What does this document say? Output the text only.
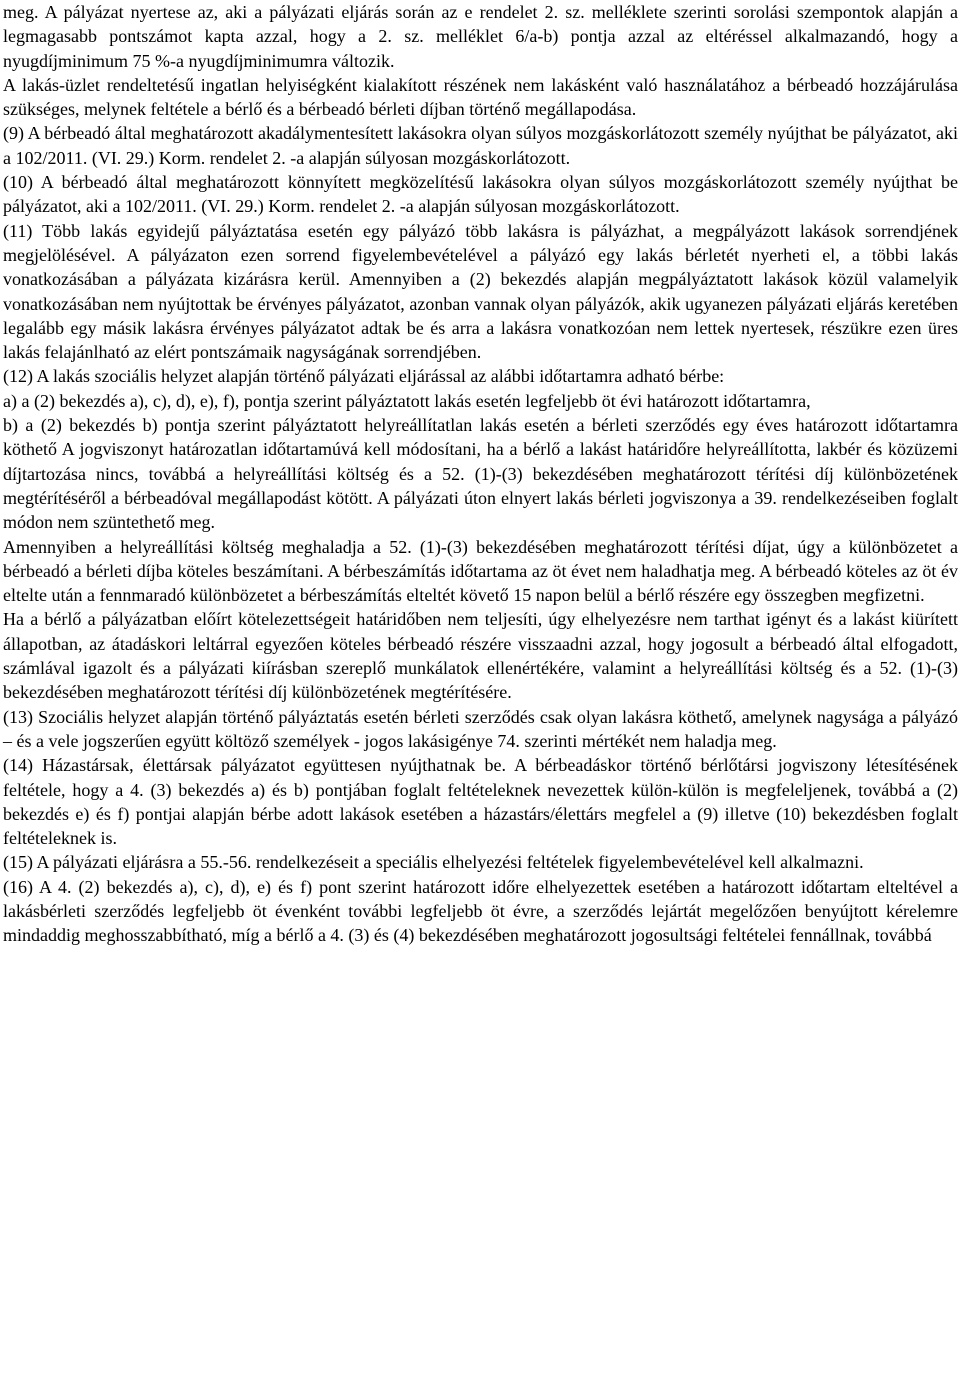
meg. A pályázat nyertese az, aki a pályázati eljárás során az e rendelet 2. sz. melléklete szerinti sorolási szempontok alapján a legmagasabb pontszámot kapta azzal, hogy a 2. sz. melléklet 6/a-b) pontja azzal az eltéréssel alkalmazandó, hogy a nyugdíjminimum 75 %-a nyugdíjminimumra változik.

A lakás-üzlet rendeltetésű ingatlan helyiségként kialakított részének nem lakásként való használatához a bérbeadó hozzájárulása szükséges, melynek feltétele a bérlő és a bérbeadó bérleti díjban történő megállapodása.

(9) A bérbeadó által meghatározott akadálymentesített lakásokra olyan súlyos mozgáskorlátozott személy nyújthat be pályázatot, aki a 102/2011. (VI. 29.) Korm. rendelet 2. -a alapján súlyosan mozgáskorlátozott.

(10) A bérbeadó által meghatározott könnyített megközelítésű lakásokra olyan súlyos mozgáskorlátozott személy nyújthat be pályázatot, aki a 102/2011. (VI. 29.) Korm. rendelet 2. -a alapján súlyosan mozgáskorlátozott.

(11) Több lakás egyidejű pályáztatása esetén egy pályázó több lakásra is pályázhat, a megpályázott lakások sorrendjének megjelölésével. A pályázaton ezen sorrend figyelembevételével a pályázó egy lakás bérletét nyerheti el, a többi lakás vonatkozásában a pályázata kizárásra kerül. Amennyiben a (2) bekezdés alapján megpályáztatott lakások közül valamelyik vonatkozásában nem nyújtottak be érvényes pályázatot, azonban vannak olyan pályázók, akik ugyanezen pályázati eljárás keretében legalább egy másik lakásra érvényes pályázatot adtak be és arra a lakásra vonatkozóan nem lettek nyertesek, részükre ezen üres lakás felajánlható az elért pontszámaik nagyságának sorrendjében.

(12) A lakás szociális helyzet alapján történő pályázati eljárással az alábbi időtartamra adható bérbe:

a) a (2) bekezdés a), c), d), e), f), pontja szerint pályáztatott lakás esetén legfeljebb öt évi határozott időtartamra,

b) a (2) bekezdés b) pontja szerint pályáztatott helyreállítatlan lakás esetén a bérleti szerződés egy éves határozott időtartamra köthető A jogviszonyt határozatlan időtartamúvá kell módosítani, ha a bérlő a lakást határidőre helyreállította, lakbér és közüzemi díjtartozása nincs, továbbá a helyreállítási költség és a 52. (1)-(3) bekezdésében meghatározott térítési díj különbözetének megtérítéséről a bérbeadóval megállapodást kötött. A pályázati úton elnyert lakás bérleti jogviszonya a 39. rendelkezéseiben foglalt módon nem szüntethető meg.

Amennyiben a helyreállítási költség meghaladja a 52. (1)-(3) bekezdésében meghatározott térítési díjat, úgy a különbözetet a bérbeadó a bérleti díjba köteles beszámítani. A bérbeszámítás időtartama az öt évet nem haladhatja meg. A bérbeadó köteles az öt év eltelte után a fennmaradó különbözetet a bérbeszámítás elteltét követő 15 napon belül a bérlő részére egy összegben megfizetni.

Ha a bérlő a pályázatban előírt kötelezettségeit határidőben nem teljesíti, úgy elhelyezésre nem tarthat igényt és a lakást kiürített állapotban, az átadáskori leltárral egyezően köteles bérbeadó részére visszaadni azzal, hogy jogosult a bérbeadó által elfogadott, számlával igazolt és a pályázati kiírásban szereplő munkálatok ellenértékére, valamint a helyreállítási költség és a 52. (1)-(3) bekezdésében meghatározott térítési díj különbözetének megtérítésére.

(13) Szociális helyzet alapján történő pályáztatás esetén bérleti szerződés csak olyan lakásra köthető, amelynek nagysága a pályázó – és a vele jogszerűen együtt költöző személyek - jogos lakásigénye 74. szerinti mértékét nem haladja meg.

(14) Házastársak, élettársak pályázatot együttesen nyújthatnak be. A bérbeadáskor történő bérlőtársi jogviszony létesítésének feltétele, hogy a 4. (3) bekezdés a) és b) pontjában foglalt feltételeknek nevezettek külön-külön is megfeleljenek, továbbá a (2) bekezdés e) és f) pontjai alapján bérbe adott lakások esetében a házastárs/élettárs megfelel a (9) illetve (10) bekezdésben foglalt feltételeknek is.

(15) A pályázati eljárásra a 55.-56. rendelkezéseit a speciális elhelyezési feltételek figyelembevételével kell alkalmazni.

(16) A 4. (2) bekezdés a), c), d), e) és f) pont szerint határozott időre elhelyezettek esetében a határozott időtartam elteltével a lakásbérleti szerződés legfeljebb öt évenként további legfeljebb öt évre, a szerződés lejártát megelőzően benyújtott kérelemre mindaddig meghosszabbítható, míg a bérlő a 4. (3) és (4) bekezdésében meghatározott jogosultsági feltételei fennállnak, továbbá
